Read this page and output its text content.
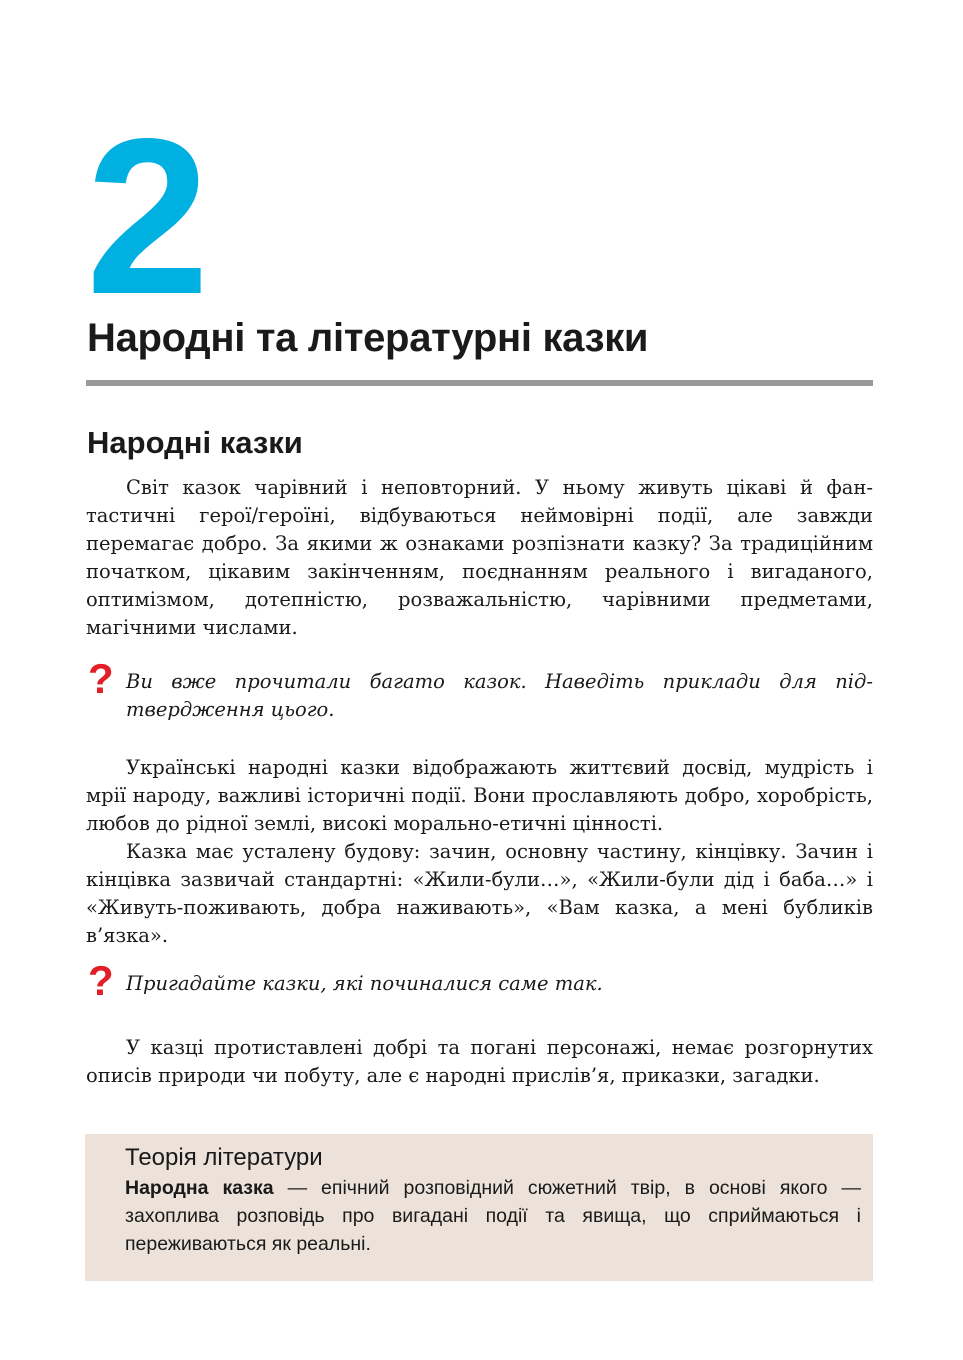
2
Народні та літературні казки
Народні казки

Світ казок чарівний і неповторний. У ньому живуть цікаві й фантастичні герої/героїні, відбуваються неймовірні події, але завжди перемагає добро. За якими ж ознаками розпізнати казку? За традиційним початком, цікавим закінченням, поєднанням реального і вигаданого, оптимізмом, дотепністю, розважальністю, чарівними предметами, магічними числами.

? Ви вже прочитали багато казок. Наведіть приклади для підтвердження цього.

Українські народні казки відображають життєвий досвід, мудрість і мрії народу, важливі історичні події. Вони прославляють добро, хоробрість, любов до рідної землі, високі морально-етичні цінності.

Казка має усталену будову: зачин, основну частину, кінцівку. Зачин і кінцівка зазвичай стандартні: «Жили-були…», «Жили-були дід і баба…» і «Живуть-поживають, добра наживають», «Вам казка, а мені бубликів в’язка».

? Пригадайте казки, які починалися саме так.

У казці протиставлені добрі та погані персонажі, немає розгорнутих описів природи чи побуту, але є народні прислів’я, приказки, загадки.

Теорія літератури

Народна казка — епічний розповідний сюжетний твір, в основі якого — захоплива розповідь про вигадані події та явища, що сприймаються і переживаються як реальні.
